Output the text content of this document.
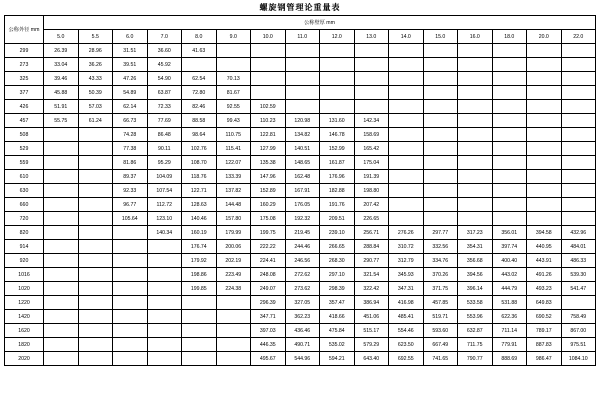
螺旋钢管理论重量表
公称外径 mm	公称壁厚 mm															
	5.0	5.5	6.0	7.0	8.0	9.0	10.0	11.0	12.0	13.0	14.0	15.0	16.0	18.0	20.0	22.0
299	26.39	28.96	31.51	36.60	41.63											
273	33.04	36.26	39.51	45.92												
325	39.46	43.33	47.26	54.90	62.54	70.13										
377	45.88	50.39	54.89	63.87	72.80	81.67										
426	51.91	57.03	62.14	72.33	82.46	92.55	102.59									
457	55.75	61.24	66.73	77.69	88.58	99.43	110.23	120.98	131.60	142.34						
508			74.28	86.48	98.64	110.75	122.81	134.82	146.78	158.69						
529			77.38	90.11	102.76	115.41	127.99	140.51	152.99	165.42						
559			81.86	95.29	108.70	122.07	135.38	148.65	161.87	175.04						
610			89.37	104.09	118.76	133.39	147.96	162.48	176.96	191.39						
630			92.33	107.54	122.71	137.82	152.89	167.91	182.88	198.80						
660			96.77	112.72	128.63	144.48	160.29	176.05	191.76	207.42						
720			105.64	123.10	140.46	157.80	175.08	192.32	209.51	226.65						
820				140.34	160.19	179.99	199.75	219.45	239.10	256.71	276.26	297.77	317.23	356.01	394.58	432.96
914					176.74	200.06	222.22	244.46	266.65	288.84	310.72	332.56	354.31	397.74	440.95	484.01
920					179.92	202.19	224.41	246.56	268.30	290.77	312.79	334.76	356.68	400.40	443.91	486.33
1016					198.86	223.49	248.08	272.62	297.10	321.54	345.93	370.26	394.56	443.02	491.26	539.30
1020					199.85	224.38	249.07	273.62	298.39	322.42	347.31	371.75	396.14	444.79	493.23	541.47
1220							296.39	327.05	357.47	386.94	416.98	457.85	533.58	531.88	649.83	
1420							347.71	362.23	418.66	451.06	485.41	519.71	553.96	622.36	690.52	758.49
1620							397.03	436.46	475.84	515.17	554.46	593.60	632.87	711.14	789.17	867.00
1820							446.35	490.71	535.02	579.29	623.50	667.49	711.75	779.91	887.83	975.51
2020							495.67	544.96	594.21	643.40	692.55	741.65	790.77	888.69	986.47	1084.10
